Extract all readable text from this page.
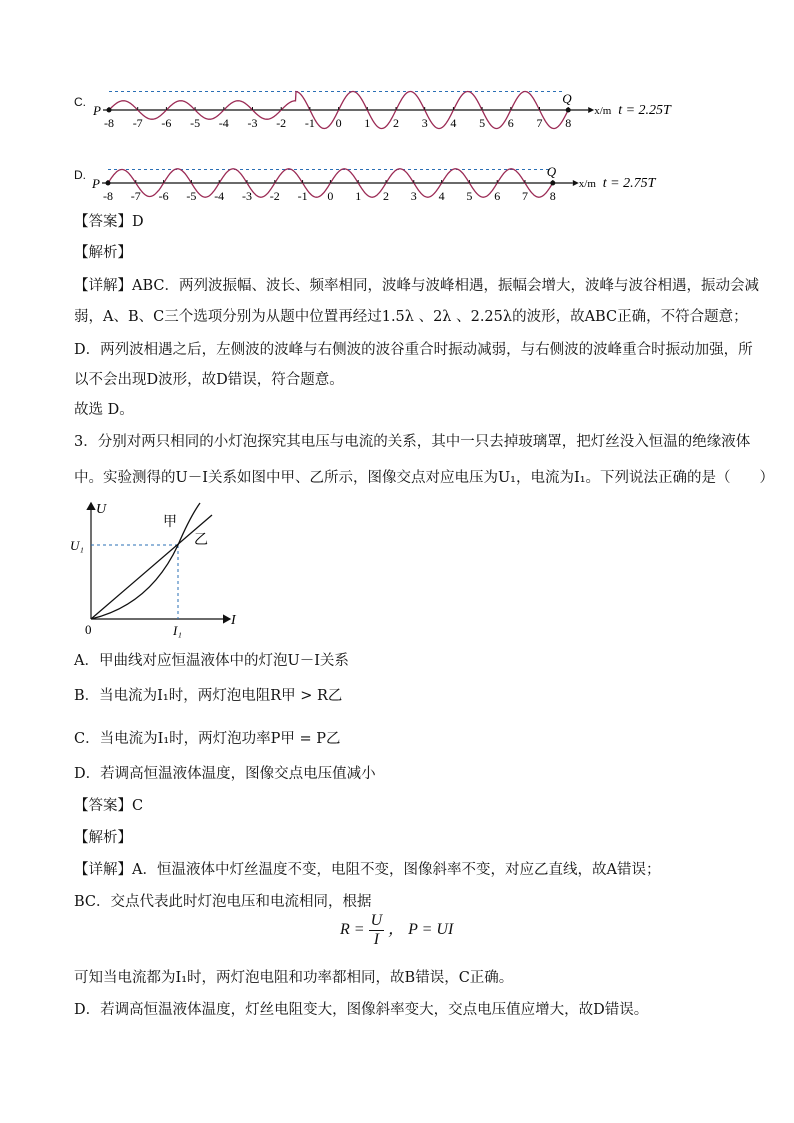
C.
-8 -7 -6 -5 -4 -3 -2 -1 0 1 2 3 4 5 6 7 8
P
Q
x/m t = 2.25T
D.
-8 -7 -6 -5 -4 -3 -2 -1 0 1 2 3 4 5 6 7 8
P
Q
x/m t = 2.75T
【答案】D
【解析】
【详解】ABC．两列波振幅、波长、频率相同，波峰与波峰相遇，振幅会增大，波峰与波谷相遇，振动会减
弱，A、B、C三个选项分别为从题中位置再经过1.5λ 、2λ 、2.25λ的波形，故ABC正确，不符合题意；
D．两列波相遇之后，左侧波的波峰与右侧波的波谷重合时振动减弱，与右侧波的波峰重合时振动加强，所
以不会出现D波形，故D错误，符合题意。
故选 D。
3．分别对两只相同的小灯泡探究其电压与电流的关系，其中一只去掉玻璃罩，把灯丝没入恒温的绝缘液体
中。实验测得的U－I关系如图中甲、乙所示，图像交点对应电压为U₁，电流为I₁。下列说法正确的是（　　）
U
I
0
U₁
I₁
甲
乙
A．甲曲线对应恒温液体中的灯泡U－I关系
B．当电流为I₁时，两灯泡电阻R甲 > R乙
C．当电流为I₁时，两灯泡功率P甲 = P乙
D．若调高恒温液体温度，图像交点电压值减小
【答案】C
【解析】
【详解】A．恒温液体中灯丝温度不变，电阻不变，图像斜率不变，对应乙直线，故A错误；
BC．交点代表此时灯泡电压和电流相同，根据
$R = \frac{U}{I}$ ， P = UI
可知当电流都为I₁时，两灯泡电阻和功率都相同，故B错误，C正确。
D．若调高恒温液体温度，灯丝电阻变大，图像斜率变大，交点电压值应增大，故D错误。
